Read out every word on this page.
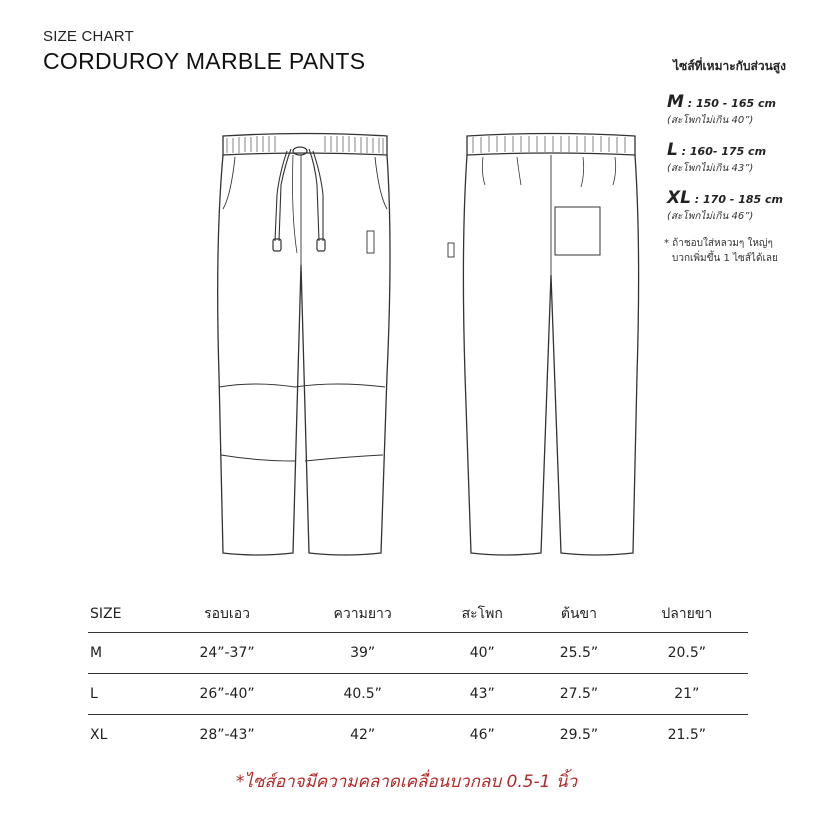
SIZE CHART
CORDUROY MARBLE PANTS	ไซส์ที่เหมาะกับส่วนสูง
M : 150 - 165 cm
(สะโพกไม่เกิน 40”)
L : 160- 175 cm
(สะโพกไม่เกิน 43”)
XL : 170 - 185 cm
(สะโพกไม่เกิน 46”)
* ถ้าชอบใส่หลวมๆ ใหญ่ๆ
บวกเพิ่มขึ้น 1 ไซส์ได้เลย
SIZE	รอบเอว	ความยาว	สะโพก	ต้นขา	ปลายขา
M	24”-37”	39”	40”	25.5”	20.5”
L	26”-40”	40.5”	43”	27.5”	21”
XL	28”-43”	42”	46”	29.5”	21.5”
*ไซส์อาจมีความคลาดเคลื่อนบวกลบ 0.5-1 นิ้ว
